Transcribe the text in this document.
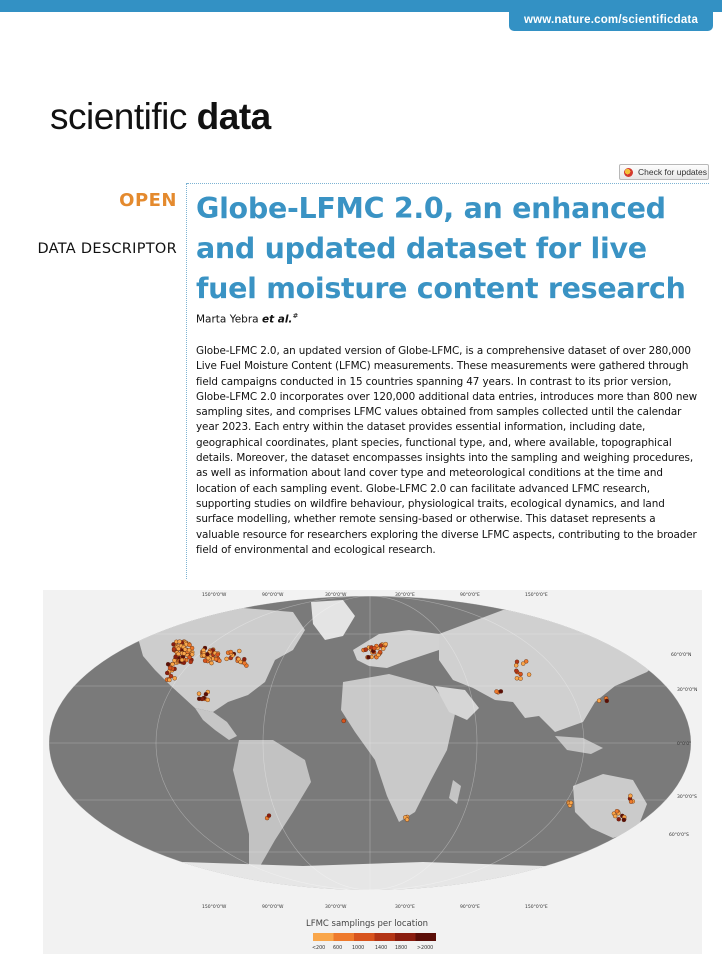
www.nature.com/scientificdata
scientific data
Check for updates
OPEN
DATA DESCRIPTOR
Globe-LFMC 2.0, an enhanced and updated dataset for live fuel moisture content research
Marta Yebra et al.#
Globe-LFMC 2.0, an updated version of Globe-LFMC, is a comprehensive dataset of over 280,000 Live Fuel Moisture Content (LFMC) measurements. These measurements were gathered through field campaigns conducted in 15 countries spanning 47 years. In contrast to its prior version, Globe-LFMC 2.0 incorporates over 120,000 additional data entries, introduces more than 800 new sampling sites, and comprises LFMC values obtained from samples collected until the calendar year 2023. Each entry within the dataset provides essential information, including date, geographical coordinates, plant species, functional type, and, where available, topographical details. Moreover, the dataset encompasses insights into the sampling and weighing procedures, as well as information about land cover type and meteorological conditions at the time and location of each sampling event. Globe-LFMC 2.0 can facilitate advanced LFMC research, supporting studies on wildfire behaviour, physiological traits, ecological dynamics, and land surface modelling, whether remote sensing-based or otherwise. This dataset represents a valuable resource for researchers exploring the diverse LFMC aspects, contributing to the broader field of environmental and ecological research.
150°0'0"W	90°0'0"W	30°0'0"W	30°0'0"E	90°0'0"E	150°0'0"E
150°0'0"W	90°0'0"W	30°0'0"W	30°0'0"E	90°0'0"E	150°0'0"E
60°0'0"N
30°0'0"N
0°0'0"
30°0'0"S
60°0'0"S
LFMC samplings per location
<200 600 1000 1400 1800 >2000
